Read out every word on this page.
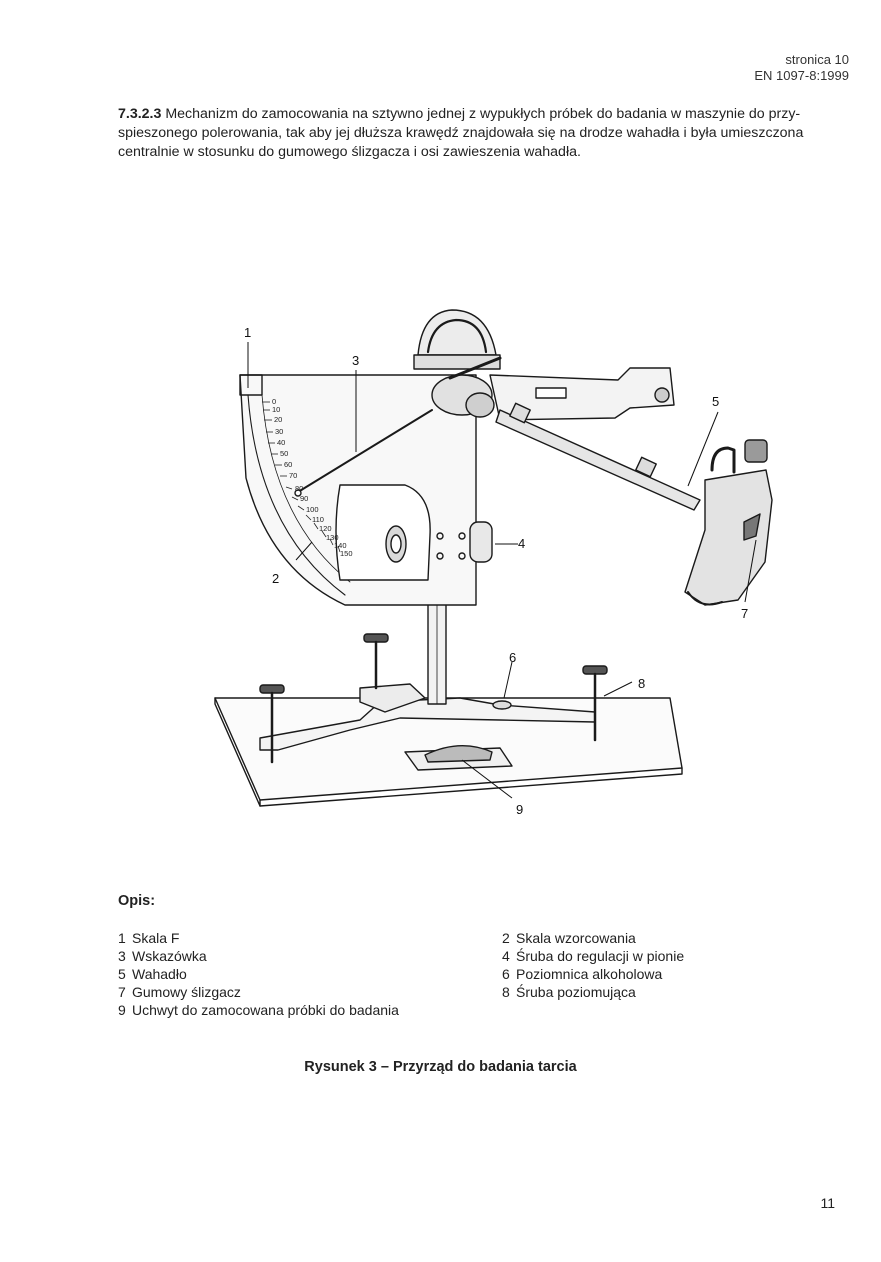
stronica 10
EN 1097-8:1999
7.3.2.3 Mechanizm do zamocowania na sztywno jednej z wypukłych próbek do badania w maszynie do przy-spieszonego polerowania, tak aby jej dłuższa krawędź znajdowała się na drodze wahadła i była umieszczona centralnie w stosunku do gumowego ślizgacza i osi zawieszenia wahadła.
0
10
20
30
40
50
60
70
80
90
100
110
120
130
140
150
1
2
3
4
5
6
7
8
9
Opis:
1 Skala F
3 Wskazówka
5 Wahadło
7 Gumowy ślizgacz
9 Uchwyt do zamocowana próbki do badania
2 Skala wzorcowania
4 Śruba do regulacji w pionie
6 Poziomnica alkoholowa
8 Śruba poziomująca
Rysunek 3 – Przyrząd do badania tarcia
11
